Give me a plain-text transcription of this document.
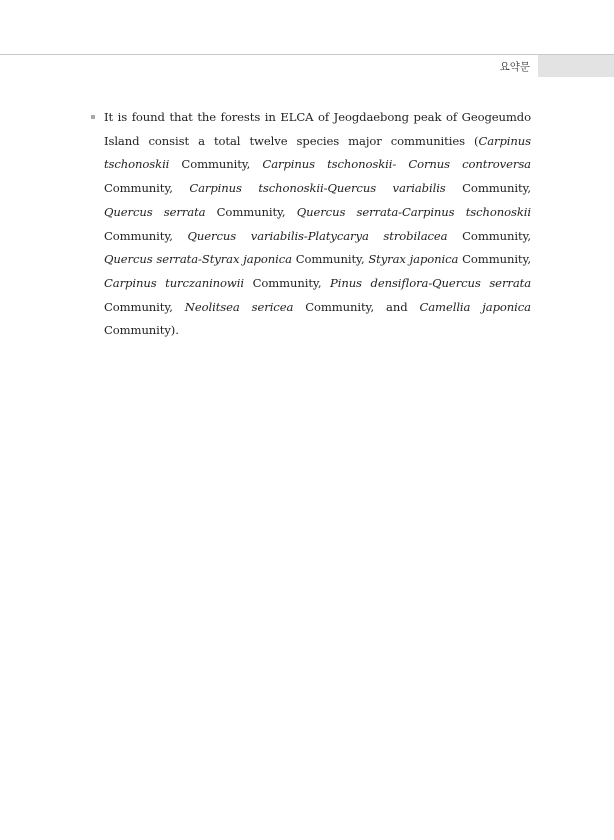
요약문
It is found that the forests in ELCA of Jeogdaebong peak of Geogeumdo Island consist a total twelve species major communities (Carpinus tschonoskii Community, Carpinus tschonoskii- Cornus controversa Community, Carpinus tschonoskii-Quercus variabilis Community, Quercus serrata Community, Quercus serrata-Carpinus tschonoskii Community, Quercus variabilis-Platycarya strobilacea Community, Quercus serrata-Styrax japonica Community, Styrax japonica Community, Carpinus turczaninowii Community, Pinus densiflora-Quercus serrata Community, Neolitsea sericea Community, and Camellia japonica Community).
